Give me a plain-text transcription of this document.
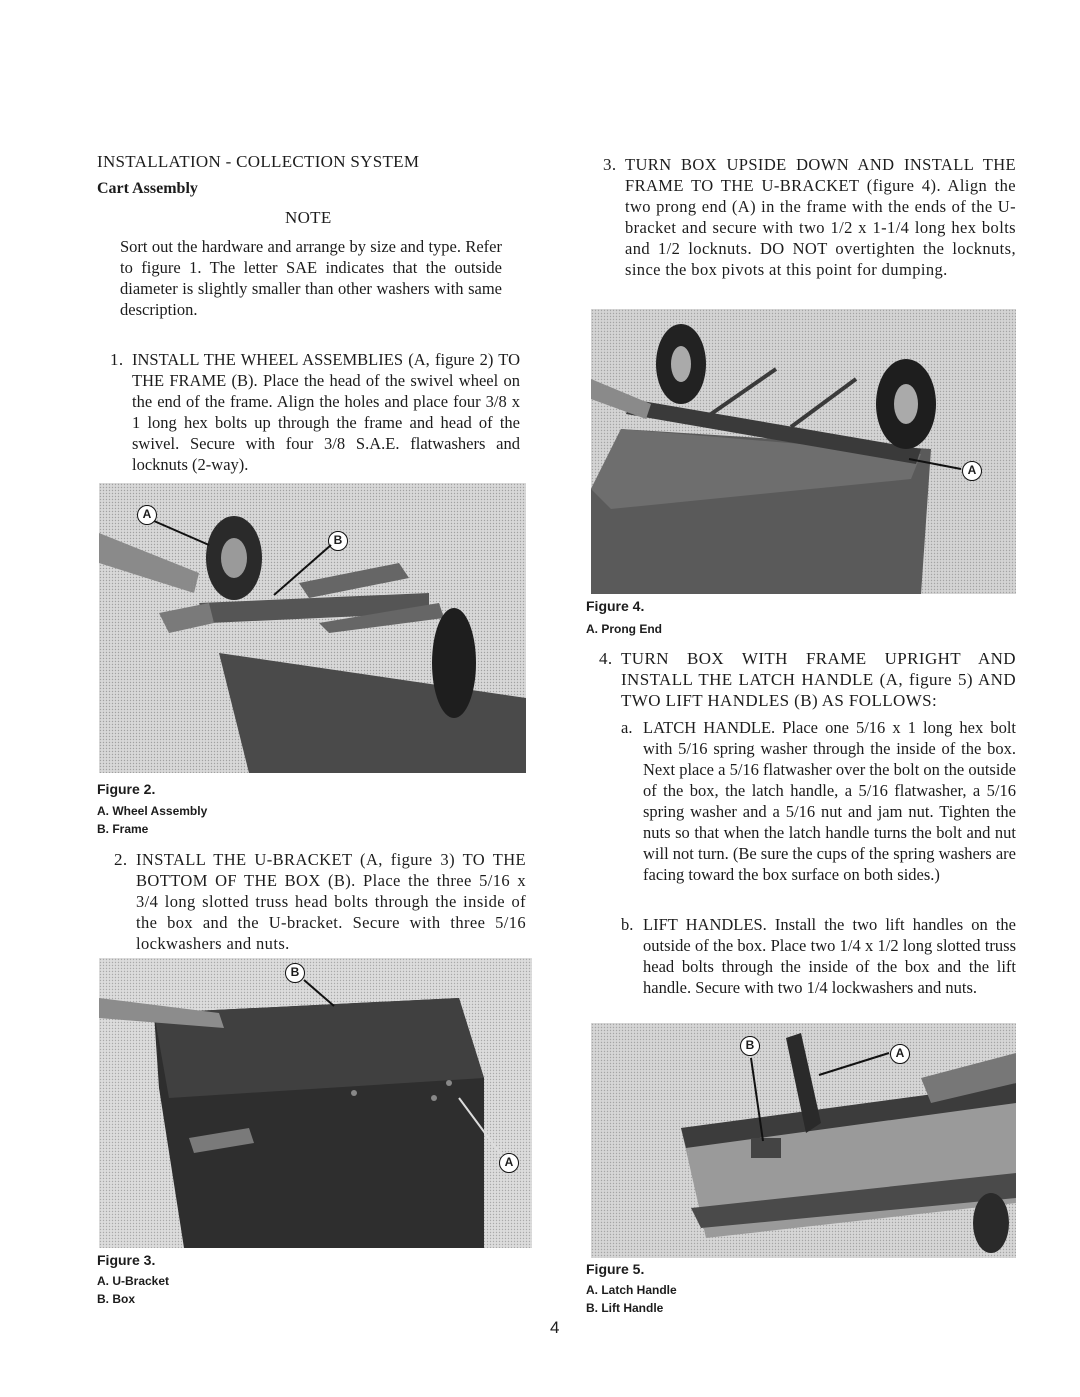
INSTALLATION - COLLECTION SYSTEM
Cart Assembly
NOTE
Sort out the hardware and arrange by size and type. Refer to figure 1. The letter SAE indicates that the outside diameter is slightly smaller than other washers with same description.
1. INSTALL THE WHEEL ASSEMBLIES (A, figure 2) TO THE FRAME (B). Place the head of the swivel wheel on the end of the frame. Align the holes and place four 3/8 x 1 long hex bolts up through the frame and head of the swivel. Secure with four 3/8 S.A.E. flatwashers and locknuts (2-way).
A
B
Figure 2.
A. Wheel Assembly
B. Frame
2. INSTALL THE U-BRACKET (A, figure 3) TO THE BOTTOM OF THE BOX (B). Place the three 5/16 x 3/4 long slotted truss head bolts through the inside of the box and the U-bracket. Secure with three 5/16 lockwashers and nuts.
B
A
Figure 3.
A. U-Bracket
B. Box
3. TURN BOX UPSIDE DOWN AND INSTALL THE FRAME TO THE U-BRACKET (figure 4). Align the two prong end (A) in the frame with the ends of the U-bracket and secure with two 1/2 x 1-1/4 long hex bolts and 1/2 locknuts. DO NOT overtighten the locknuts, since the box pivots at this point for dumping.
A
Figure 4.
A. Prong End
4. TURN BOX WITH FRAME UPRIGHT AND INSTALL THE LATCH HANDLE (A, figure 5) AND TWO LIFT HANDLES (B) AS FOLLOWS:
a. LATCH HANDLE. Place one 5/16 x 1 long hex bolt with 5/16 spring washer through the inside of the box. Next place a 5/16 flatwasher over the bolt on the outside of the box, the latch handle, a 5/16 flatwasher, a 5/16 spring washer and a 5/16 nut and jam nut. Tighten the nuts so that when the latch handle turns the bolt and nut will not turn. (Be sure the cups of the spring washers are facing toward the box surface on both sides.)
b. LIFT HANDLES. Install the two lift handles on the outside of the box. Place two 1/4 x 1/2 long slotted truss head bolts through the inside of the box and the lift handle. Secure with two 1/4 lockwashers and nuts.
B
A
Figure 5.
A. Latch Handle
B. Lift Handle
4
